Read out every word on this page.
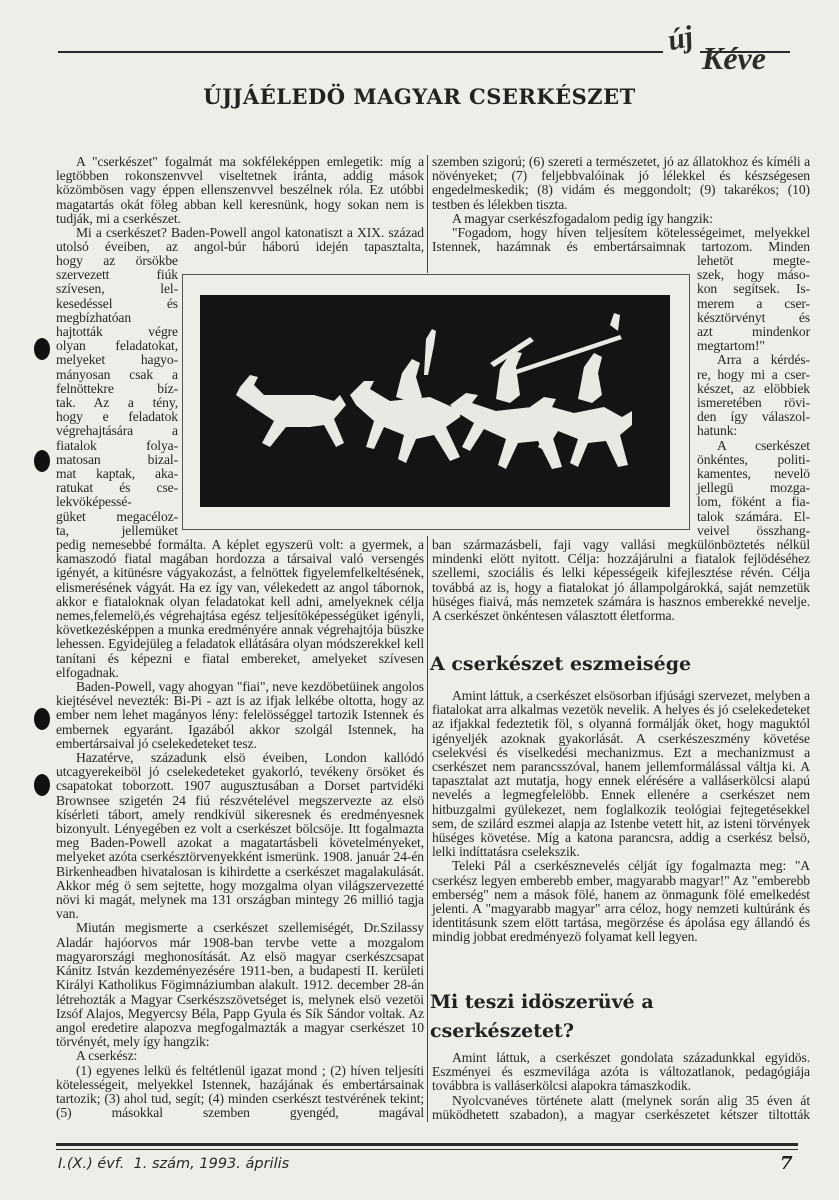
új
Kéve
ÚJJÁÉLEDÖ MAGYAR CSERKÉSZET

A "cserkészet" fogalmát ma sokféleképpen emlegetik: míg a legtöbben rokonszenvvel viseltetnek iránta, addig mások közömbösen vagy éppen ellenszenvvel beszélnek róla. Ez utóbbi magatartás okát föleg abban kell keresnünk, hogy sokan nem is tudják, mi a cserkészet.

Mi a cserkészet? Baden-Powell angol katonatiszt a XIX. század utolsó éveiben, az angol-búr háború idején tapasztalta,

hogy az örsökbe
szervezett fiúk
szívesen, lel-
kesedéssel és
megbízhatóan
hajtották végre
olyan feladatokat,
melyeket hagyo-
mányosan csak a
felnöttekre bíz-
tak. Az a tény,
hogy e feladatok
végrehajtására a
fiatalok folya-
matosan bizal-
mat kaptak, aka-
ratukat és cse-
lekvöképessé-
güket megacéloz-
ta, jellemüket

pedig nemesebbé formálta. A képlet egyszerü volt: a gyermek, a kamaszodó fiatal magában hordozza a társaival való versengés igényét, a kitünésre vágyakozást, a felnöttek figyelemfelkeltésének, elismerésének vágyát. Ha ez így van, vélekedett az angol tábornok, akkor e fiataloknak olyan feladatokat kell adni, amelyeknek célja nemes,felemelö,és végrehajtása egész teljesítöképességüket igényli, következésképpen a munka eredményére annak végrehajtója büszke lehessen. Egyidejüleg a feladatok ellátására olyan módszerekkel kell tanítani és képezni e fiatal embereket, amelyeket szívesen elfogadnak.

Baden-Powell, vagy ahogyan "fiai", neve kezdöbetüinek angolos kiejtésével nevezték: Bi-Pi - azt is az ifjak lelkébe oltotta, hogy az ember nem lehet magányos lény: felelösséggel tartozik Istennek és embernek egyaránt. Igazából akkor szolgál Istennek, ha embertársaival jó cselekedeteket tesz.

Hazatérve, századunk elsö éveiben, London kallódó utcagyerekeiböl jó cselekedeteket gyakorló, tevékeny örsöket és csapatokat toborzott. 1907 augusztusában a Dorset partvidéki Brownsee szigetén 24 fiú részvételével megszervezte az elsö kísérleti tábort, amely rendkívül sikeresnek és eredményesnek bizonyult. Lényegében ez volt a cserkészet bölcsöje. Itt fogalmazta meg Baden-Powell azokat a magatartásbeli követelményeket, melyeket azóta cserkésztörvenyekként ismerünk. 1908. január 24-én Birkenheadben hivatalosan is kihirdette a cserkészet magalakulását. Akkor még ö sem sejtette, hogy mozgalma olyan világszervezetté növi ki magát, melynek ma 131 országban mintegy 26 millió tagja van.

Miután megismerte a cserkészet szellemiségét, Dr.Szilassy Aladár hajóorvos már 1908-ban tervbe vette a mozgalom magyarországi meghonosítását. Az elsö magyar cserkészcsapat Kánitz István kezdeményezésére 1911-ben, a budapesti II. kerületi Királyi Katholikus Fögimnáziumban alakult. 1912. december 28-án létrehozták a Magyar Cserkészszövetséget is, melynek elsö vezetöi Izsóf Alajos, Megyercsy Béla, Papp Gyula és Sík Sándor voltak. Az angol eredetire alapozva megfogalmazták a magyar cserkészet 10 törvényét, mely így hangzik:

A cserkész:

(1) egyenes lelkü és feltétlenül igazat mond ; (2) híven teljesíti kötelességeit, melyekkel Istennek, hazájának és embertársainak tartozik; (3) ahol tud, segít; (4) minden cserkészt testvérének tekint; (5) másokkal szemben gyengéd, magával

szemben szigorú; (6) szereti a természetet, jó az állatokhoz és kíméli a növényeket; (7) feljebbvalóinak jó lélekkel és készségesen engedelmeskedik; (8) vidám és meggondolt; (9) takarékos; (10) testben és lélekben tiszta.

A magyar cserkészfogadalom pedig így hangzik:

"Fogadom, hogy híven teljesítem kötelességeimet, melyekkel Istennek, hazámnak és embertársaimnak tartozom. Minden

lehetöt megte-
szek, hogy máso-
kon segítsek. Is-
merem a cser-
késztörvényt és
azt mindenkor
megtartom!"
Arra a kérdés-
re, hogy mi a cser-
készet, az elöbbiek
ismeretében rövi-
den így válaszol-
hatunk:
A cserkészet
önkéntes, politi-
kamentes, nevelö
jellegü mozga-
lom, föként a fia-
talok számára. El-
veivel összhang-

ban származásbeli, faji vagy vallási megkülönböztetés nélkül mindenki elött nyitott. Célja: hozzájárulni a fiatalok fejlödéséhez szellemi, szociális és lelki képességeik kifejlesztése révén. Célja továbbá az is, hogy a fiatalokat jó állampolgárokká, saját nemzetük hüséges fiaivá, más nemzetek számára is hasznos emberekké nevelje. A cserkészet önkéntesen választott életforma.

A cserkészet eszmeisége

Amint láttuk, a cserkészet elsösorban ifjúsági szervezet, melyben a fiatalokat arra alkalmas vezetök nevelik. A helyes és jó cselekedeteket az ifjakkal fedeztetik föl, s olyanná formálják öket, hogy maguktól igényeljék azoknak gyakorlását. A cserkészeszmény követése cselekvési és viselkedési mechanizmus. Ezt a mechanizmust a cserkészet nem parancsszóval, hanem jellemformálással váltja ki. A tapasztalat azt mutatja, hogy ennek elérésére a valláserkölcsi alapú nevelés a legmegfelelöbb. Ennek ellenére a cserkészet nem hitbuzgalmi gyülekezet, nem foglalkozik teológiai fejtegetésekkel sem, de szilárd eszmei alapja az Istenbe vetett hit, az isteni törvények hüséges követése. Míg a katona parancsra, addig a cserkész belsö, lelki indíttatásra cselekszik.

Teleki Pál a cserkésznevelés célját így fogalmazta meg: "A cserkész legyen emberebb ember, magyarabb magyar!" Az "emberebb emberség" nem a mások fölé, hanem az önmagunk fölé emelkedést jelenti. A "magyarabb magyar" arra céloz, hogy nemzeti kultúránk és identitásunk szem elött tartása, megörzése és ápolása egy állandó és mindig jobbat eredményezö folyamat kell legyen.

Mi teszi idöszerüvé a cserkészetet?

Amint láttuk, a cserkészet gondolata századunkkal egyidös. Eszményei és eszmevilága azóta is változatlanok, pedagógiája továbbra is valláserkölcsi alapokra támaszkodik.

Nyolcvanéves története alatt (melynek során alig 35 éven át müködhetett szabadon), a magyar cserkészetet kétszer tiltották

I.(X.) évf.  1. szám, 1993. április	7
